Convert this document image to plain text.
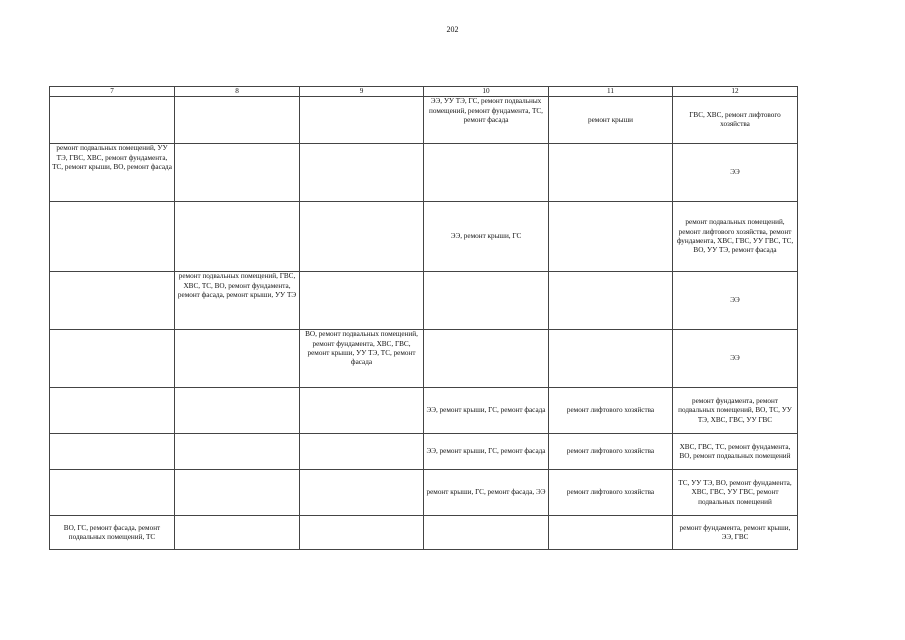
202
7	8	9	10	11	12
			ЭЭ, УУ ТЭ, ГС, ремонт подвальных помещений, ремонт фундамента, ТС, ремонт фасада	ремонт крыши	ГВС, ХВС, ремонт лифтового хозяйства
ремонт подвальных помещений, УУ ТЭ, ГВС, ХВС, ремонт фундамента, ТС, ремонт крыши, ВО, ремонт фасада					ЭЭ
			ЭЭ, ремонт крыши, ГС		ремонт подвальных помещений, ремонт лифтового хозяйства, ремонт фундамента, ХВС, ГВС, УУ ГВС, ТС, ВО, УУ ТЭ, ремонт фасада
	ремонт подвальных помещений, ГВС, ХВС, ТС, ВО, ремонт фундамента, ремонт фасада, ремонт крыши, УУ ТЭ				ЭЭ
		ВО, ремонт подвальных помещений, ремонт фундамента, ХВС, ГВС, ремонт крыши, УУ ТЭ, ТС, ремонт фасада			ЭЭ
			ЭЭ, ремонт крыши, ГС, ремонт фасада	ремонт лифтового хозяйства	ремонт фундамента, ремонт подвальных помещений, ВО, ТС, УУ ТЭ, ХВС, ГВС, УУ ГВС
			ЭЭ, ремонт крыши, ГС, ремонт фасада	ремонт лифтового хозяйства	ХВС, ГВС, ТС, ремонт фундамента, ВО, ремонт подвальных помещений
			ремонт крыши, ГС, ремонт фасада, ЭЭ	ремонт лифтового хозяйства	ТС, УУ ТЭ, ВО, ремонт фундамента, ХВС, ГВС, УУ ГВС, ремонт подвальных помещений
ВО, ГС, ремонт фасада, ремонт подвальных помещений, ТС					ремонт фундамента, ремонт крыши, ЭЭ, ГВС
